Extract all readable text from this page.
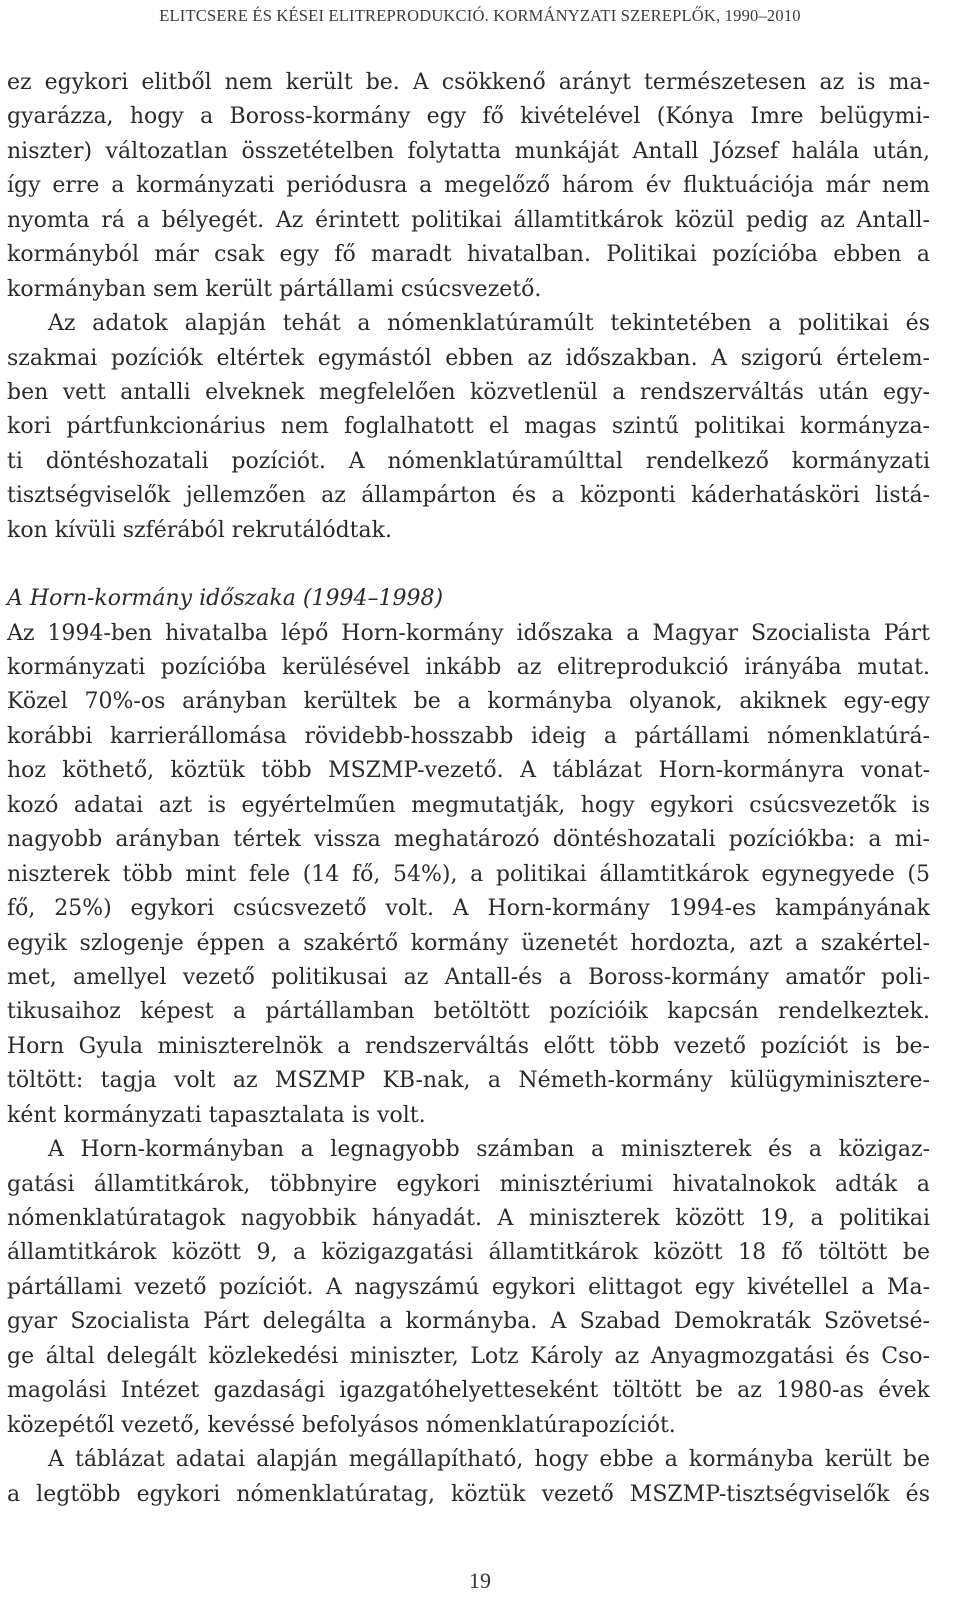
ELITCSERE ÉS KÉSEI ELITREPRODUKCIÓ. KORMÁNYZATI SZEREPLŐK, 1990–2010
ez egykori elitből nem került be. A csökkenő arányt természetesen az is ma-
gyarázza, hogy a Boross-kormány egy fő kivételével (Kónya Imre belügymi-
niszter) változatlan összetételben folytatta munkáját Antall József halála után,
így erre a kormányzati periódusra a megelőző három év fluktuációja már nem
nyomta rá a bélyegét. Az érintett politikai államtitkárok közül pedig az Antall-
kormányból már csak egy fő maradt hivatalban. Politikai pozícióba ebben a
kormányban sem került pártállami csúcsvezető.
Az adatok alapján tehát a nómenklatúramúlt tekintetében a politikai és
szakmai pozíciók eltértek egymástól ebben az időszakban. A szigorú értelem-
ben vett antalli elveknek megfelelően közvetlenül a rendszerváltás után egy-
kori pártfunkcionárius nem foglalhatott el magas szintű politikai kormányza-
ti döntéshozatali pozíciót. A nómenklatúramúlttal rendelkező kormányzati
tisztségviselők jellemzően az állampárton és a központi káderhatásköri listá-
kon kívüli szférából rekrutálódtak.
A Horn-kormány időszaka (1994–1998)
Az 1994-ben hivatalba lépő Horn-kormány időszaka a Magyar Szocialista Párt
kormányzati pozícióba kerülésével inkább az elitreprodukció irányába mutat.
Közel 70%-os arányban kerültek be a kormányba olyanok, akiknek egy-egy
korábbi karrierállomása rövidebb-hosszabb ideig a pártállami nómenklatúrá-
hoz köthető, köztük több MSZMP-vezető. A táblázat Horn-kormányra vonat-
kozó adatai azt is egyértelműen megmutatják, hogy egykori csúcsvezetők is
nagyobb arányban tértek vissza meghatározó döntéshozatali pozíciókba: a mi-
niszterek több mint fele (14 fő, 54%), a politikai államtitkárok egynegyede (5
fő, 25%) egykori csúcsvezető volt. A Horn-kormány 1994-es kampányának
egyik szlogenje éppen a szakértő kormány üzenetét hordozta, azt a szakértel-
met, amellyel vezető politikusai az Antall-és a Boross-kormány amatőr poli-
tikusaihoz képest a pártállamban betöltött pozícióik kapcsán rendelkeztek.
Horn Gyula miniszterelnök a rendszerváltás előtt több vezető pozíciót is be-
töltött: tagja volt az MSZMP KB-nak, a Németh-kormány külügyminisztere-
ként kormányzati tapasztalata is volt.
A Horn-kormányban a legnagyobb számban a miniszterek és a közigaz-
gatási államtitkárok, többnyire egykori minisztériumi hivatalnokok adták a
nómenklatúratagok nagyobbik hányadát. A miniszterek között 19, a politikai
államtitkárok között 9, a közigazgatási államtitkárok között 18 fő töltött be
pártállami vezető pozíciót. A nagyszámú egykori elittagot egy kivétellel a Ma-
gyar Szocialista Párt delegálta a kormányba. A Szabad Demokraták Szövetsé-
ge által delegált közlekedési miniszter, Lotz Károly az Anyagmozgatási és Cso-
magolási Intézet gazdasági igazgatóhelyetteseként töltött be az 1980-as évek
közepétől vezető, kevéssé befolyásos nómenklatúrapozíciót.
A táblázat adatai alapján megállapítható, hogy ebbe a kormányba került be
a legtöbb egykori nómenklatúratag, köztük vezető MSZMP-tisztségviselők és
19
